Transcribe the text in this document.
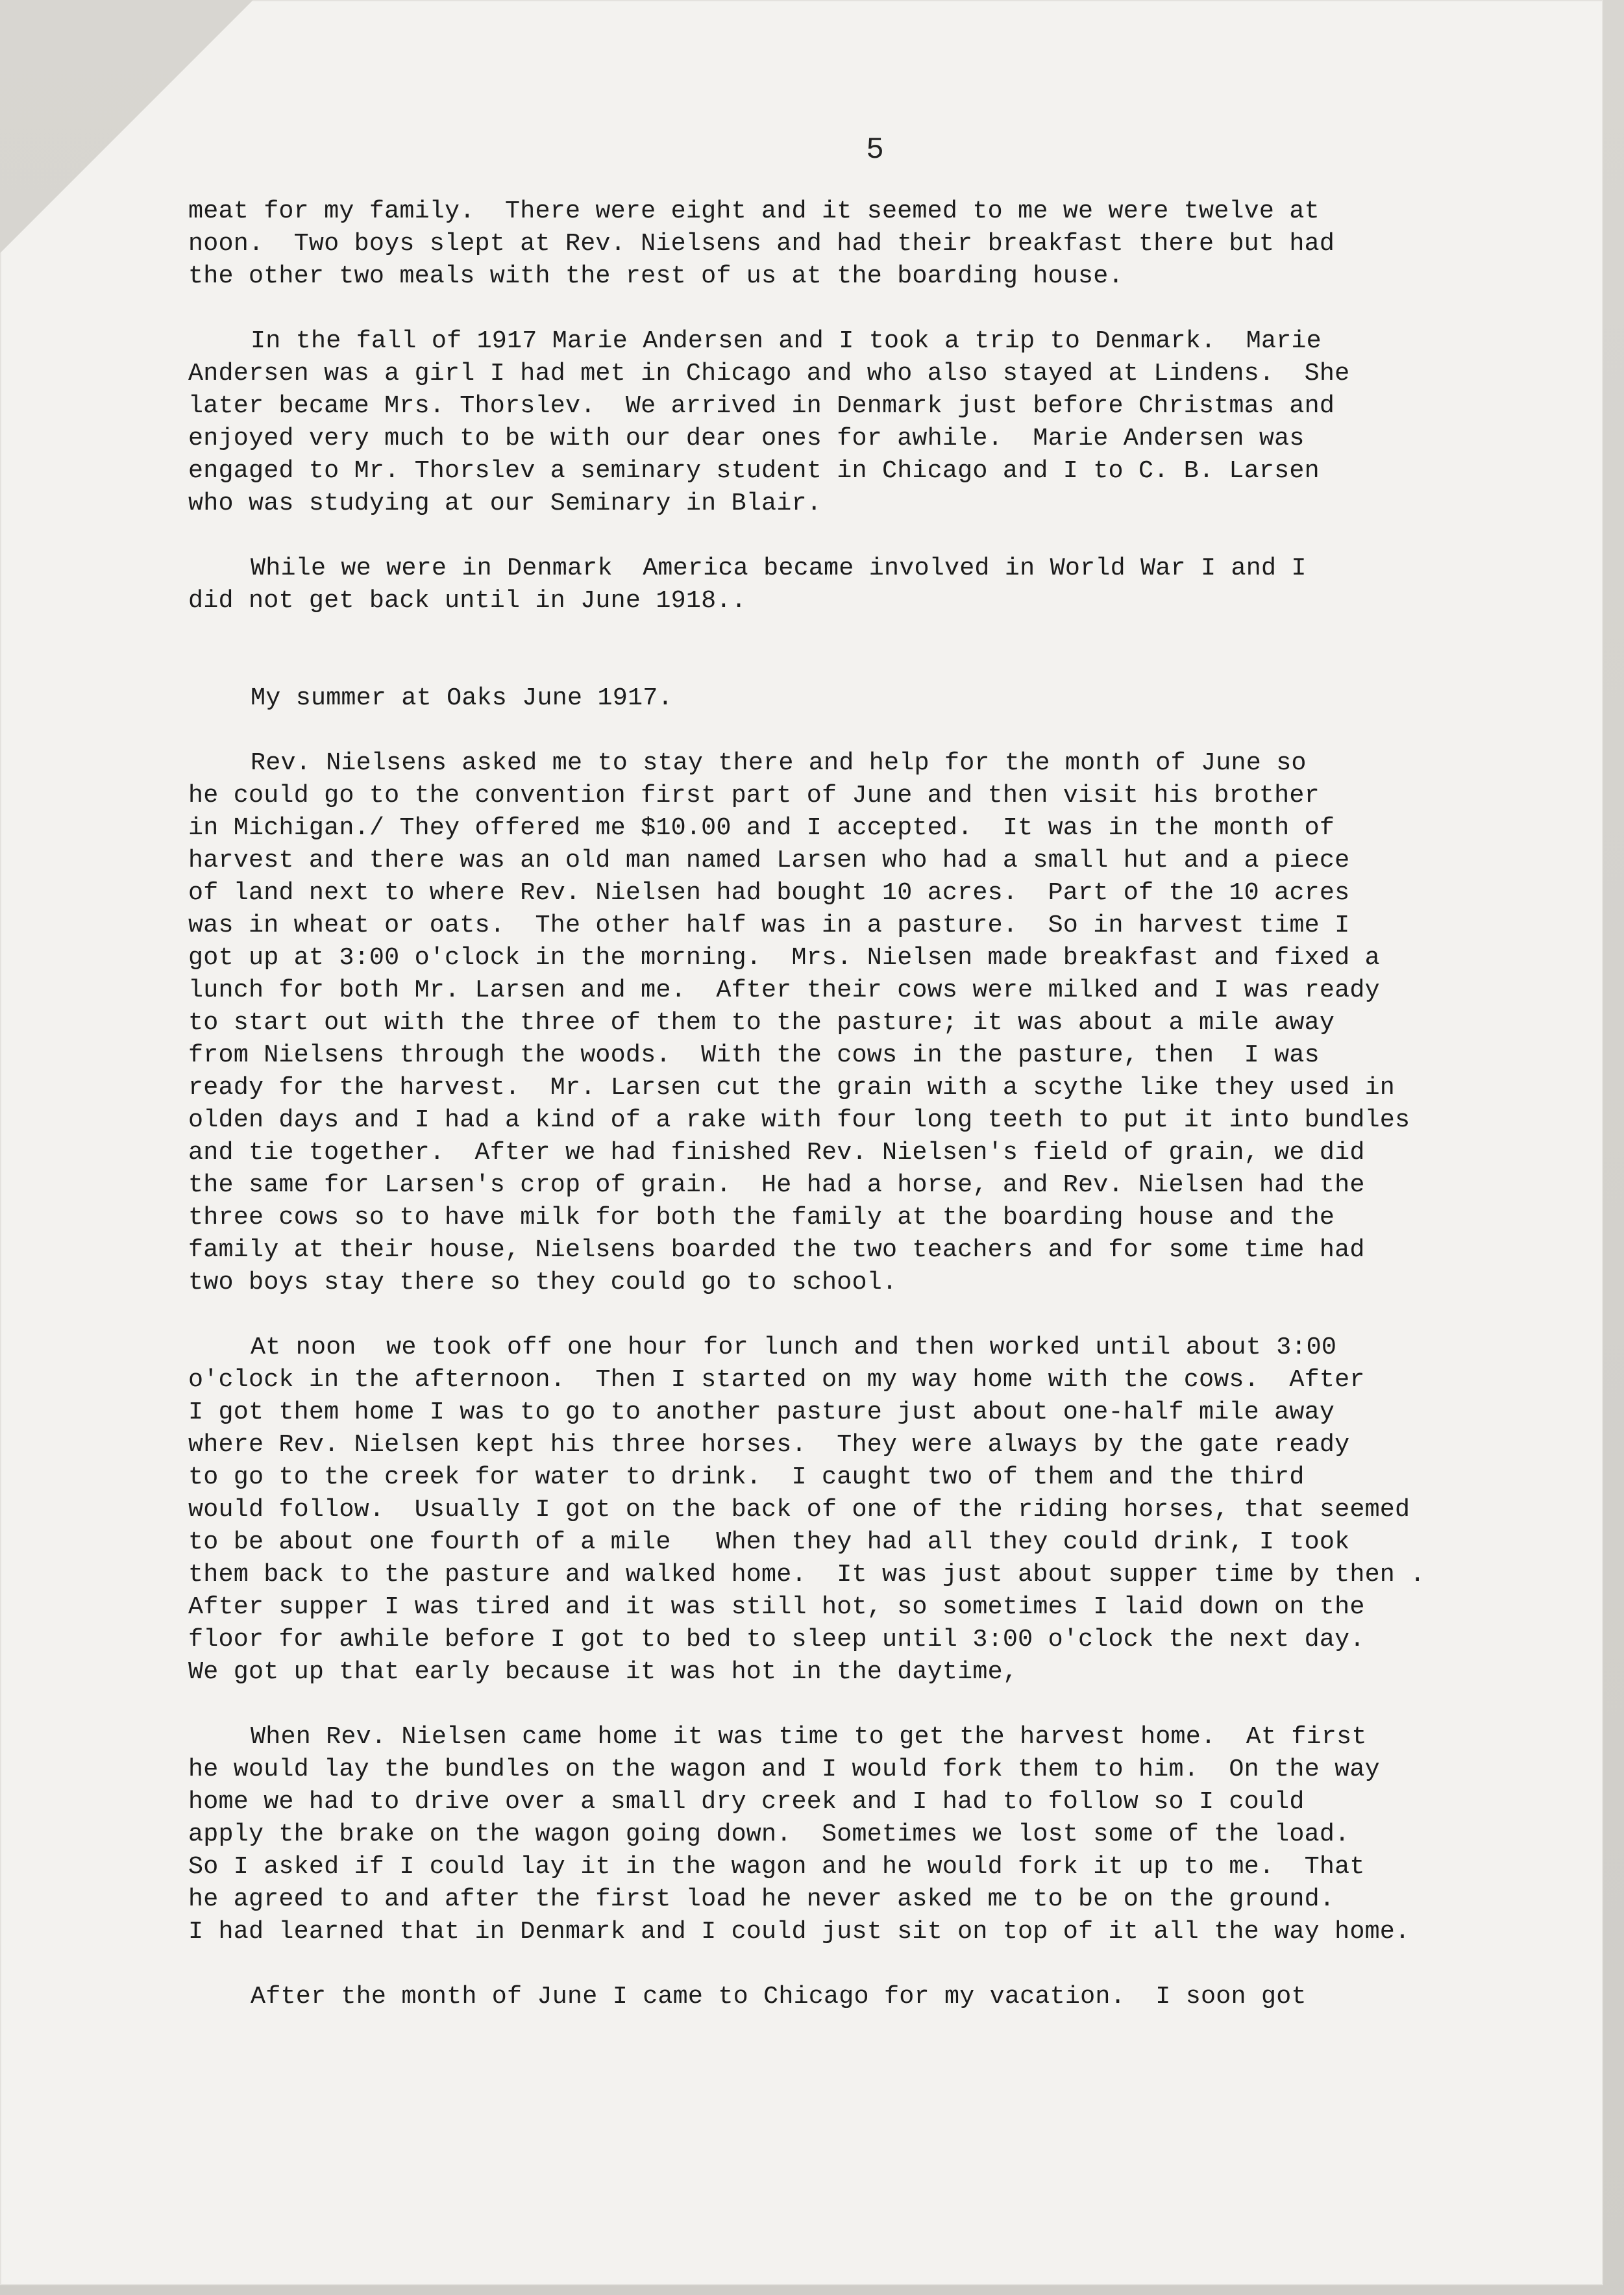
5
meat for my family.  There were eight and it seemed to me we were twelve at
noon.  Two boys slept at Rev. Nielsens and had their breakfast there but had
the other two meals with the rest of us at the boarding house.
In the fall of 1917 Marie Andersen and I took a trip to Denmark.  Marie
Andersen was a girl I had met in Chicago and who also stayed at Lindens.  She
later became Mrs. Thorslev.  We arrived in Denmark just before Christmas and
enjoyed very much to be with our dear ones for awhile.  Marie Andersen was
engaged to Mr. Thorslev a seminary student in Chicago and I to C. B. Larsen
who was studying at our Seminary in Blair.
While we were in Denmark  America became involved in World War I and I
did not get back until in June 1918..
My summer at Oaks June 1917.
Rev. Nielsens asked me to stay there and help for the month of June so
he could go to the convention first part of June and then visit his brother
in Michigan./ They offered me $10.00 and I accepted.  It was in the month of
harvest and there was an old man named Larsen who had a small hut and a piece
of land next to where Rev. Nielsen had bought 10 acres.  Part of the 10 acres
was in wheat or oats.  The other half was in a pasture.  So in harvest time I
got up at 3:00 o'clock in the morning.  Mrs. Nielsen made breakfast and fixed a
lunch for both Mr. Larsen and me.  After their cows were milked and I was ready
to start out with the three of them to the pasture; it was about a mile away
from Nielsens through the woods.  With the cows in the pasture, then  I was
ready for the harvest.  Mr. Larsen cut the grain with a scythe like they used in
olden days and I had a kind of a rake with four long teeth to put it into bundles
and tie together.  After we had finished Rev. Nielsen's field of grain, we did
the same for Larsen's crop of grain.  He had a horse, and Rev. Nielsen had the
three cows so to have milk for both the family at the boarding house and the
family at their house, Nielsens boarded the two teachers and for some time had
two boys stay there so they could go to school.
At noon  we took off one hour for lunch and then worked until about 3:00
o'clock in the afternoon.  Then I started on my way home with the cows.  After
I got them home I was to go to another pasture just about one-half mile away
where Rev. Nielsen kept his three horses.  They were always by the gate ready
to go to the creek for water to drink.  I caught two of them and the third
would follow.  Usually I got on the back of one of the riding horses, that seemed
to be about one fourth of a mile   When they had all they could drink, I took
them back to the pasture and walked home.  It was just about supper time by then .
After supper I was tired and it was still hot, so sometimes I laid down on the
floor for awhile before I got to bed to sleep until 3:00 o'clock the next day.
We got up that early because it was hot in the daytime,
When Rev. Nielsen came home it was time to get the harvest home.  At first
he would lay the bundles on the wagon and I would fork them to him.  On the way
home we had to drive over a small dry creek and I had to follow so I could
apply the brake on the wagon going down.  Sometimes we lost some of the load.
So I asked if I could lay it in the wagon and he would fork it up to me.  That
he agreed to and after the first load he never asked me to be on the ground.
I had learned that in Denmark and I could just sit on top of it all the way home.
After the month of June I came to Chicago for my vacation.  I soon got
